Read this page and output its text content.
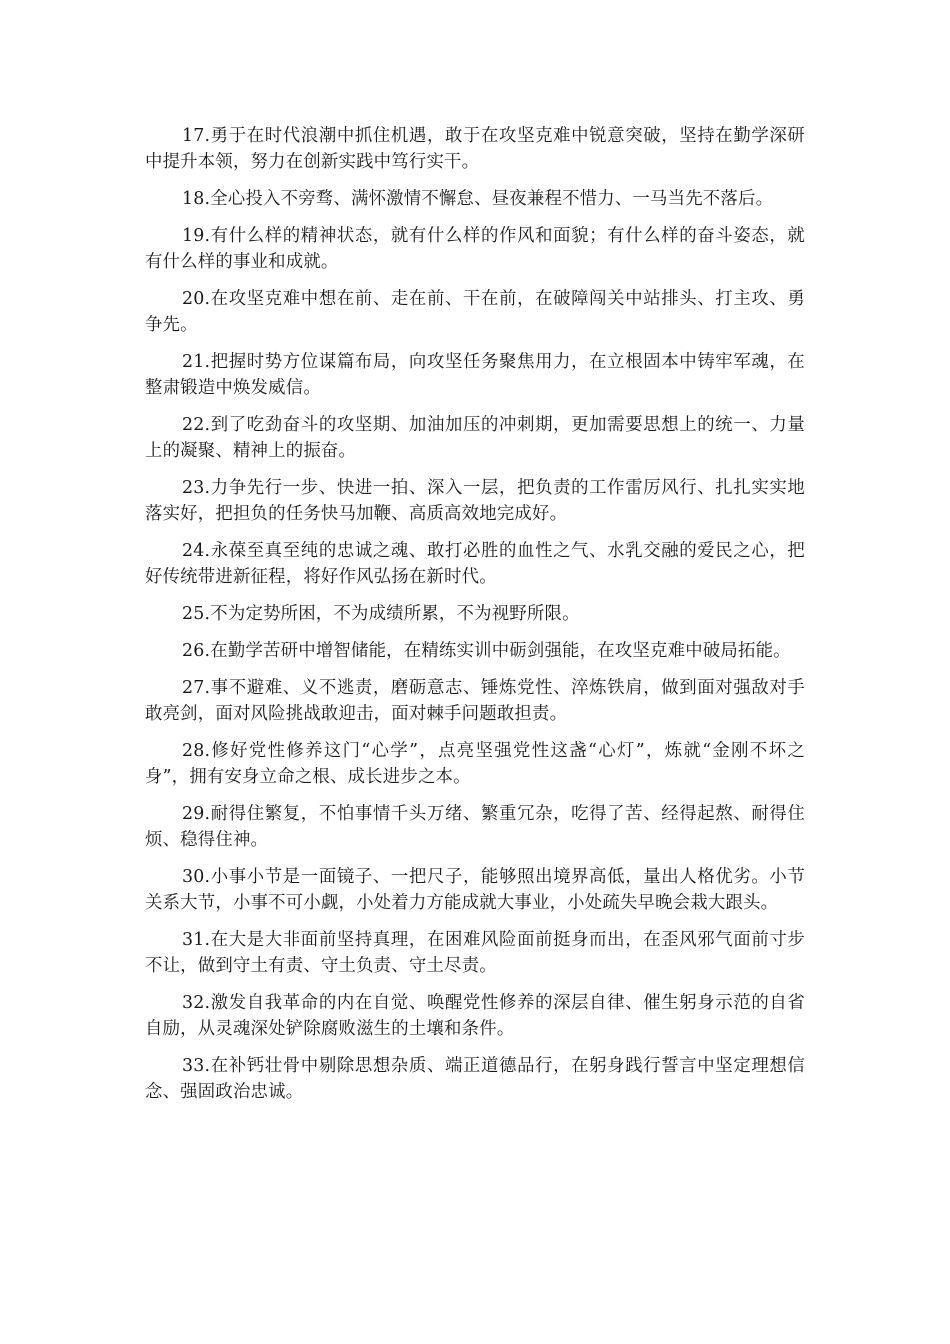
17.勇于在时代浪潮中抓住机遇，敢于在攻坚克难中锐意突破，坚持在勤学深研中提升本领，努力在创新实践中笃行实干。

18.全心投入不旁骛、满怀激情不懈怠、昼夜兼程不惜力、一马当先不落后。

19.有什么样的精神状态，就有什么样的作风和面貌；有什么样的奋斗姿态，就有什么样的事业和成就。

20.在攻坚克难中想在前、走在前、干在前，在破障闯关中站排头、打主攻、勇争先。

21.把握时势方位谋篇布局，向攻坚任务聚焦用力，在立根固本中铸牢军魂，在整肃锻造中焕发威信。

22.到了吃劲奋斗的攻坚期、加油加压的冲刺期，更加需要思想上的统一、力量上的凝聚、精神上的振奋。

23.力争先行一步、快进一拍、深入一层，把负责的工作雷厉风行、扎扎实实地落实好，把担负的任务快马加鞭、高质高效地完成好。

24.永葆至真至纯的忠诚之魂、敢打必胜的血性之气、水乳交融的爱民之心，把好传统带进新征程，将好作风弘扬在新时代。

25.不为定势所困，不为成绩所累，不为视野所限。

26.在勤学苦研中增智储能，在精练实训中砺剑强能，在攻坚克难中破局拓能。

27.事不避难、义不逃责，磨砺意志、锤炼党性、淬炼铁肩，做到面对强敌对手敢亮剑，面对风险挑战敢迎击，面对棘手问题敢担责。

28.修好党性修养这门“心学”，点亮坚强党性这盏“心灯”，炼就“金刚不坏之身”，拥有安身立命之根、成长进步之本。

29.耐得住繁复，不怕事情千头万绪、繁重冗杂，吃得了苦、经得起熬、耐得住烦、稳得住神。

30.小事小节是一面镜子、一把尺子，能够照出境界高低，量出人格优劣。小节关系大节，小事不可小觑，小处着力方能成就大事业，小处疏失早晚会栽大跟头。

31.在大是大非面前坚持真理，在困难风险面前挺身而出，在歪风邪气面前寸步不让，做到守土有责、守土负责、守土尽责。

32.激发自我革命的内在自觉、唤醒党性修养的深层自律、催生躬身示范的自省自励，从灵魂深处铲除腐败滋生的土壤和条件。

33.在补钙壮骨中剔除思想杂质、端正道德品行，在躬身践行誓言中坚定理想信念、强固政治忠诚。
